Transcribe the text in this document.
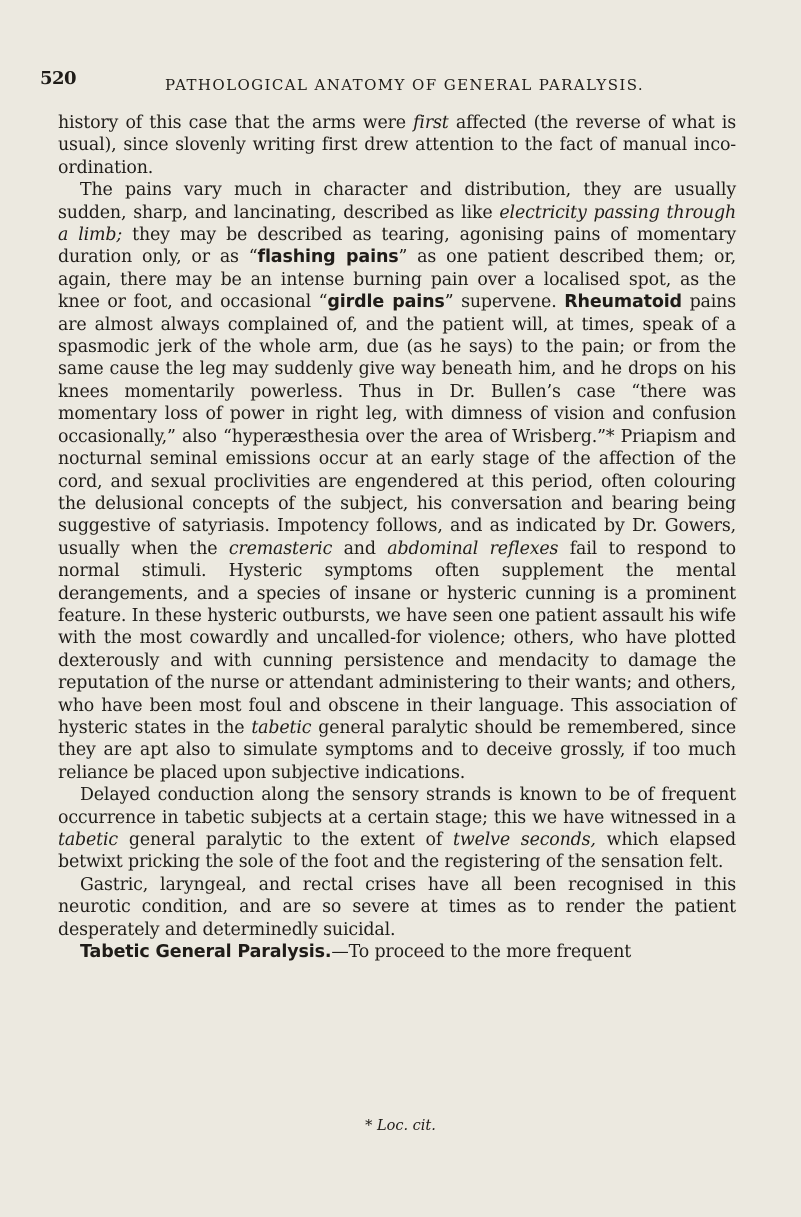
520	PATHOLOGICAL ANATOMY OF GENERAL PARALYSIS.

history of this case that the arms were first affected (the reverse of what is usual), since slovenly writing first drew attention to the fact of manual inco-ordination.

The pains vary much in character and distribution, they are usually sudden, sharp, and lancinating, described as like electricity passing through a limb; they may be described as tearing, agonising pains of momentary duration only, or as “flashing pains” as one patient described them; or, again, there may be an intense burning pain over a localised spot, as the knee or foot, and occasional “girdle pains” supervene. Rheumatoid pains are almost always complained of, and the patient will, at times, speak of a spasmodic jerk of the whole arm, due (as he says) to the pain; or from the same cause the leg may suddenly give way beneath him, and he drops on his knees momentarily powerless. Thus in Dr. Bullen’s case “there was momentary loss of power in right leg, with dimness of vision and confusion occasionally,” also “hyperæsthesia over the area of Wrisberg.”* Priapism and nocturnal seminal emissions occur at an early stage of the affection of the cord, and sexual proclivities are engendered at this period, often colouring the delusional concepts of the subject, his conversation and bearing being suggestive of satyriasis. Impotency follows, and as indicated by Dr. Gowers, usually when the cremasteric and abdominal reflexes fail to respond to normal stimuli. Hysteric symptoms often supplement the mental derangements, and a species of insane or hysteric cunning is a prominent feature. In these hysteric outbursts, we have seen one patient assault his wife with the most cowardly and uncalled-for violence; others, who have plotted dexterously and with cunning persistence and mendacity to damage the reputation of the nurse or attendant administering to their wants; and others, who have been most foul and obscene in their language. This association of hysteric states in the tabetic general paralytic should be remembered, since they are apt also to simulate symptoms and to deceive grossly, if too much reliance be placed upon subjective indications.

Delayed conduction along the sensory strands is known to be of frequent occurrence in tabetic subjects at a certain stage; this we have witnessed in a tabetic general paralytic to the extent of twelve seconds, which elapsed betwixt pricking the sole of the foot and the registering of the sensation felt.

Gastric, laryngeal, and rectal crises have all been recognised in this neurotic condition, and are so severe at times as to render the patient desperately and determinedly suicidal.

Tabetic General Paralysis.—To proceed to the more frequent

* Loc. cit.
